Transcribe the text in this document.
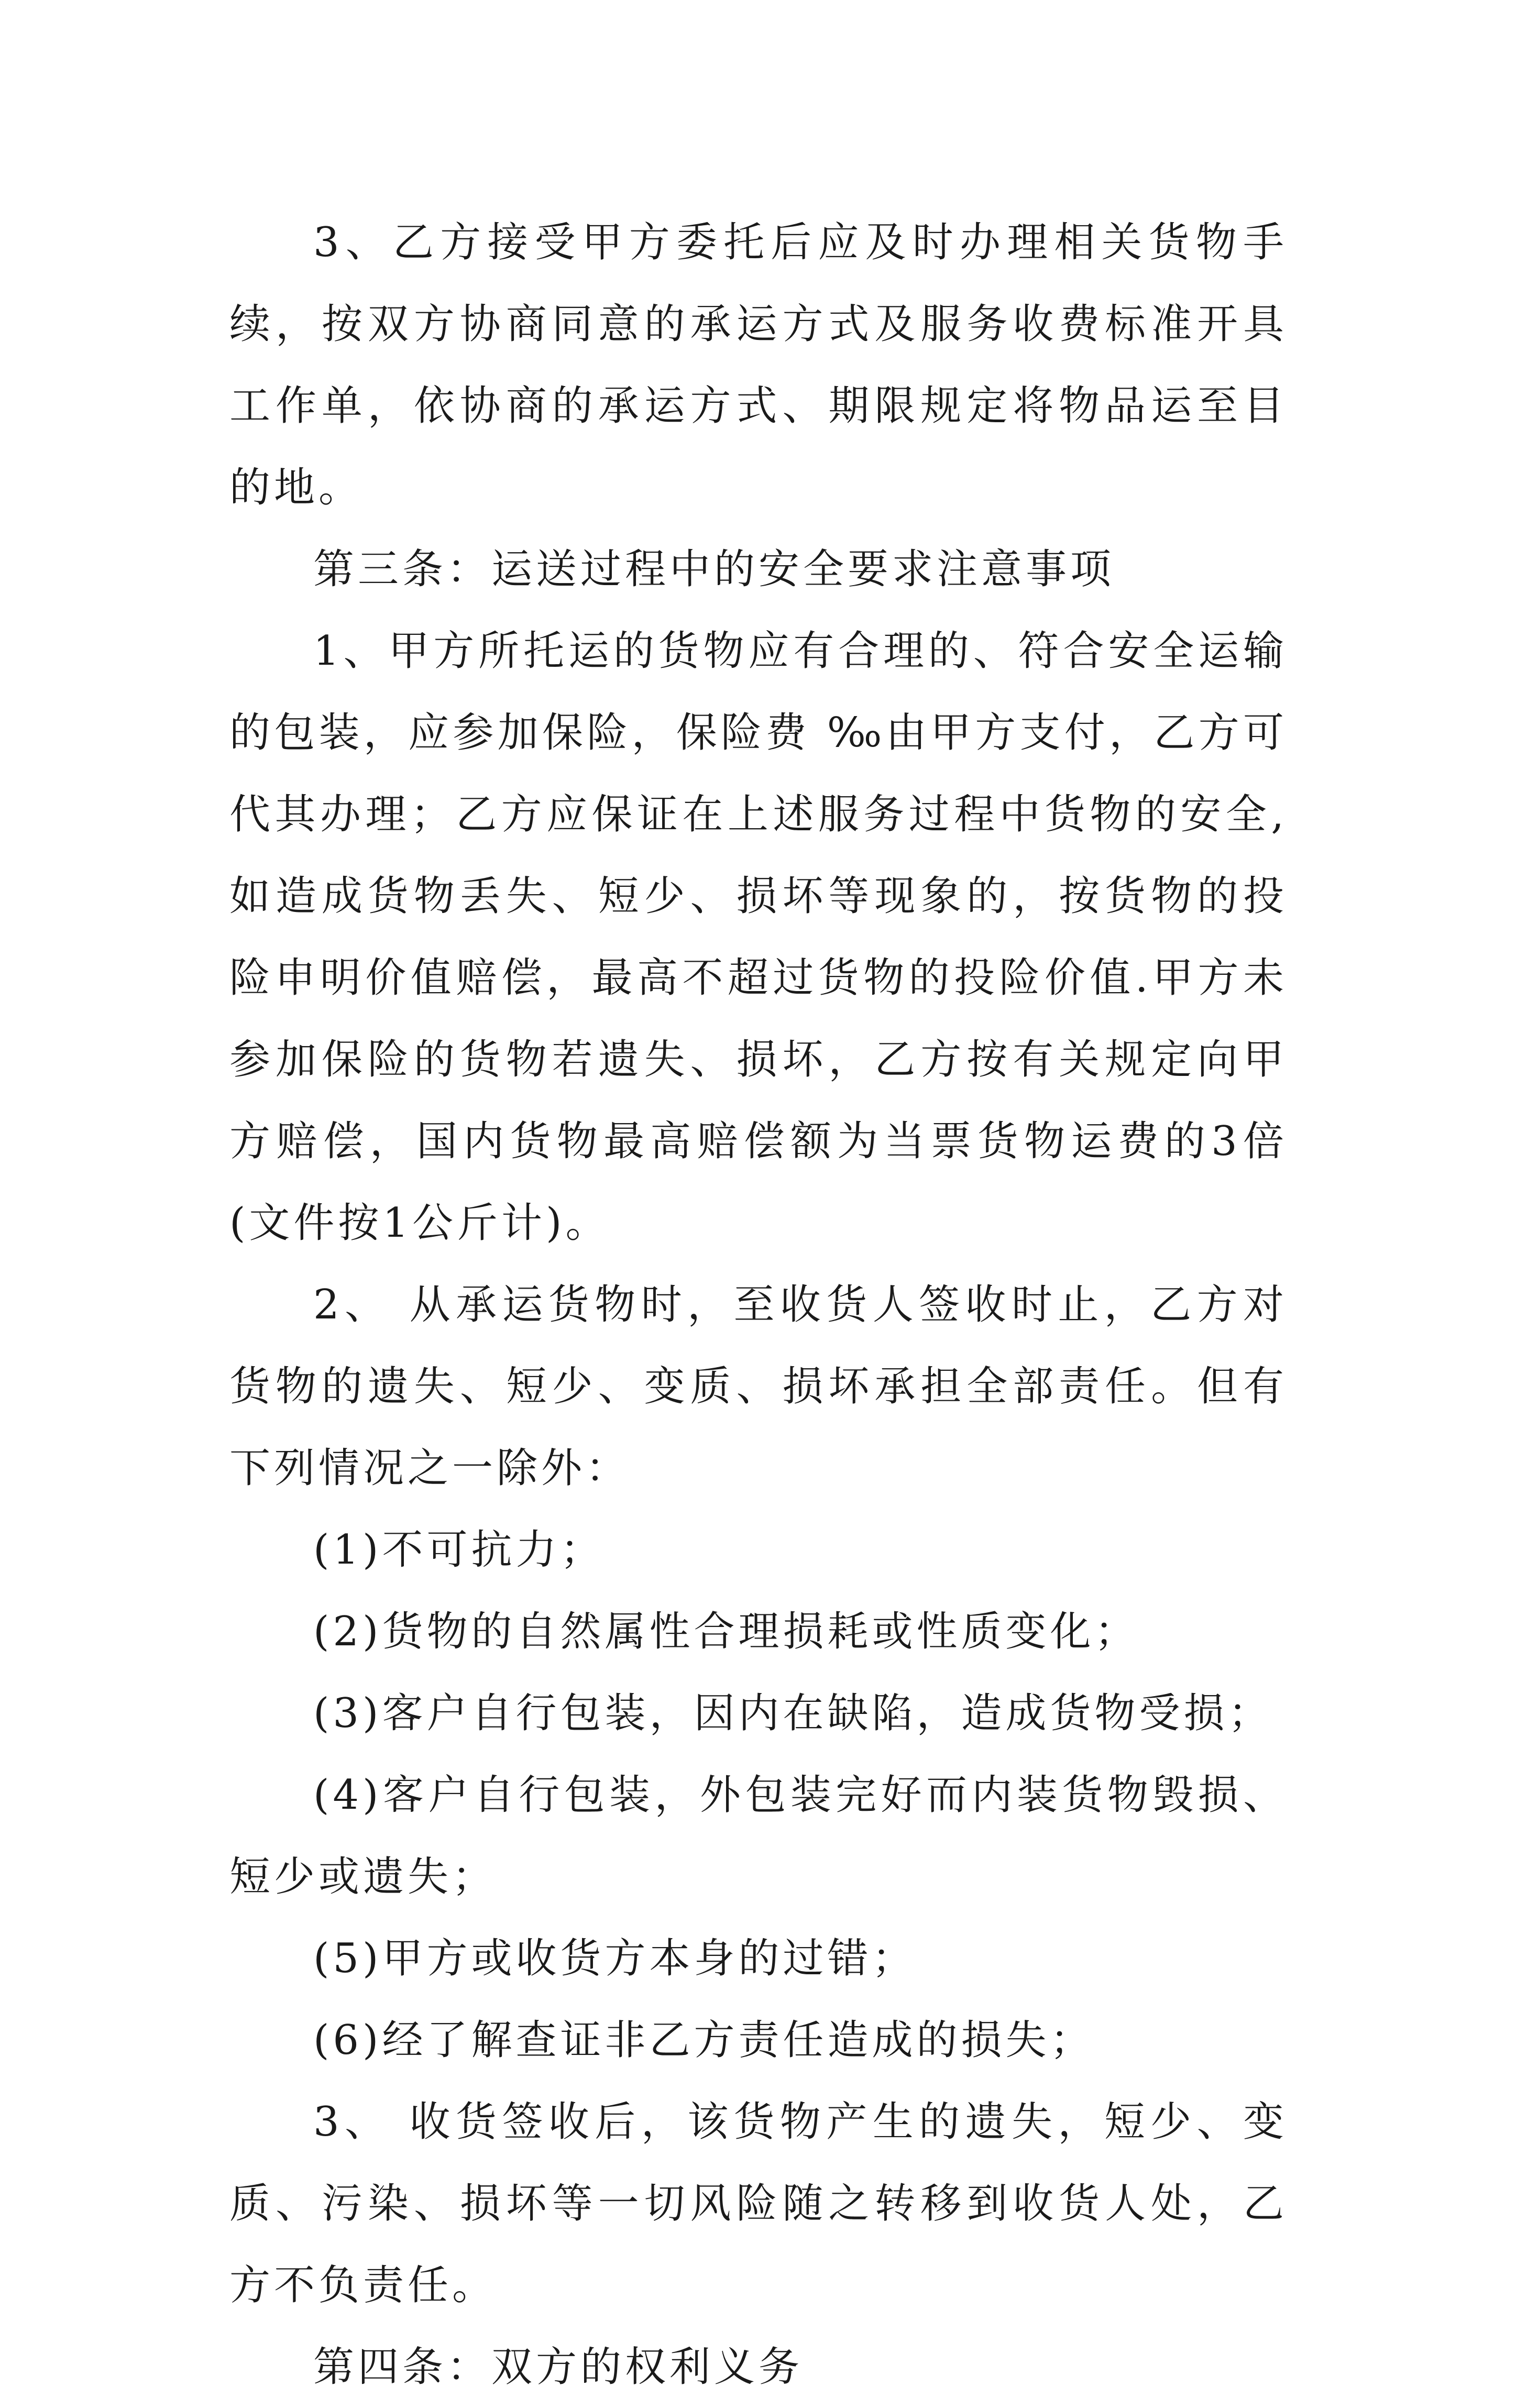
3、乙方接受甲方委托后应及时办理相关货物手续，按双方协商同意的承运方式及服务收费标准开具工作单，依协商的承运方式、期限规定将物品运至目的地。

第三条：运送过程中的安全要求注意事项

1、甲方所托运的货物应有合理的、符合安全运输的包装，应参加保险，保险费 ‰由甲方支付，乙方可代其办理；乙方应保证在上述服务过程中货物的安全,如造成货物丢失、短少、损坏等现象的，按货物的投险申明价值赔偿，最高不超过货物的投险价值.甲方未参加保险的货物若遗失、损坏，乙方按有关规定向甲方赔偿，国内货物最高赔偿额为当票货物运费的3倍(文件按1公斤计)。

2、 从承运货物时，至收货人签收时止，乙方对货物的遗失、短少、变质、损坏承担全部责任。但有下列情况之一除外：

(1)不可抗力；

(2)货物的自然属性合理损耗或性质变化；

(3)客户自行包装，因内在缺陷，造成货物受损；

(4)客户自行包装，外包装完好而内装货物毁损、短少或遗失；

(5)甲方或收货方本身的过错；

(6)经了解查证非乙方责任造成的损失；

3、 收货签收后，该货物产生的遗失，短少、变质、污染、损坏等一切风险随之转移到收货人处，乙方不负责任。

第四条：双方的权利义务
